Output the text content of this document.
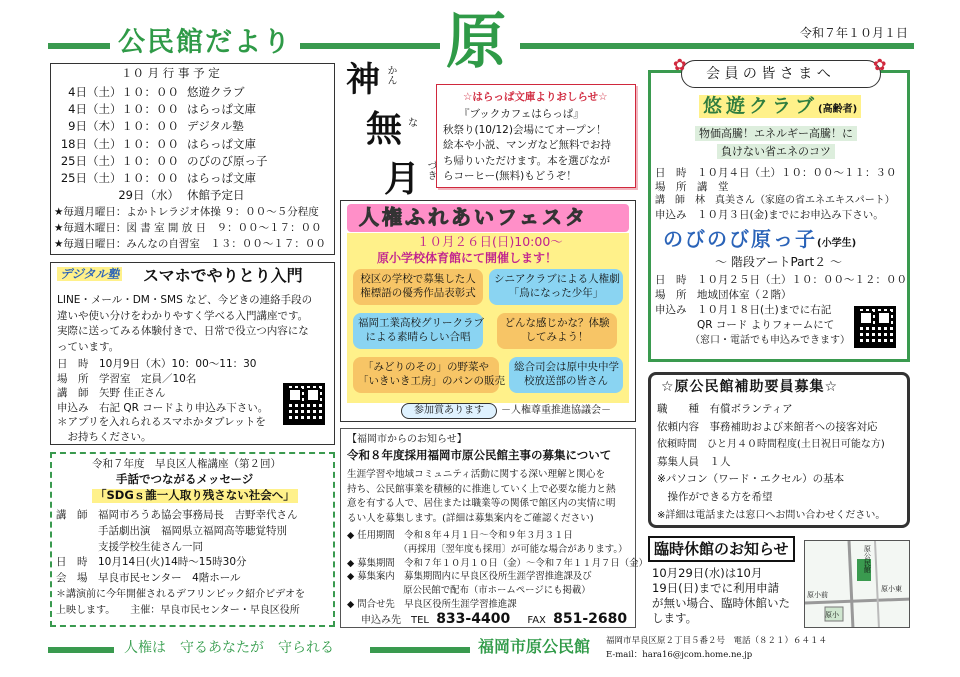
公民館だより	原	令和７年１０月１日
１０ 月 行 事 予 定
4日（土）１０：００ 悠遊クラブ
4日（土）１０：００ はらっぱ文庫
9日（木）１０：００ デジタル塾
18日（土）１０：００ はらっぱ文庫
25日（土）１０：００ のびのび原っ子
25日（土）１０：００ はらっぱ文庫
29日（水） 休館予定日
★毎週月曜日：よかトレラジオ体操 ９：００～５分程度
★毎週木曜日：図 書 室 開 放 日　９：００～１７：００
★毎週日曜日：みんなの自習室　１３：００～１７：００
神 かん
無 な
月 づき
☆はらっぱ文庫よりおしらせ☆
『ブックカフェはらっぱ』
秋祭り(10/12)会場にてオープン！
絵本や小説、マンガなど無料でお持
ち帰りいただけます。本を選びなが
らコーヒー(無料)もどうぞ！
会 員 の 皆 さ ま へ
✿	✿
悠遊クラブ(高齢者)
物価高騰！エネルギー高騰！に
負けない省エネのコツ
日　時　１０月４日（土）１０：００～１１：３０
場　所　講　堂
講　師　林　真美さん（家庭の省エネエキスパート）
申込み　１０月３日(金)までにお申込み下さい。
のびのび原っ子(小学生)
～ 階段アートPart２ ～
日　時　１０月２５日（土）１０：００～１２：００
場　所　地域団体室（２階）
申込み　１０月１８日(土)までに右記
　　　　QR コード よりフォームにて
　　　　（窓口・電話でも申込みできます）
人権ふれあいフェスタ
１０月２６日(日)10:00～
原小学校体育館にて開催します！
校区の学校で募集した人
権標語の優秀作品表彰式
シニアクラブによる人権劇
「鳥になった少年」
福岡工業高校グリークラブ
による素晴らしい合唱
どんな感じかな？体験
してみよう！
「みどりのその」の野菜や
「いきいき工房」のパンの販売
総合司会は原中央中学
校放送部の皆さん
参加賞あります	－人権尊重推進協議会－
デジタル塾 スマホでやりとり入門
LINE・メール・DM・SMS など、今どきの連絡手段の
違いや使い分けをわかりやすく学べる入門講座です。
実際に送ってみる体験付きで、日常で役立つ内容にな
っています。
日　時　10月9日（木）10：00～11：30
場　所　学習室　定員／10名
講　師　矢野 佳正さん
申込み　右記 QR コードより申込み下さい。
＊アプリを入れられるスマホかタブレットを
　お持ちください。
令和７年度　早良区人権講座（第２回）
手話でつながるメッセージ
「SDGｓ誰一人取り残さない社会へ」
講　師　福岡市ろうあ協会事務局長　吉野幸代さん
　　　　手話劇出演　福岡県立福岡高等聴覚特別
　　　　支援学校生徒さん一同
日　時　10月14日(火)14時～15時30分
会　場　早良市民センター　4階ホール
＊講演前に今年開催されるデフリンピック紹介ビデオを
上映します。　　主催：早良市民センター・早良区役所
【福岡市からのお知らせ】
令和８年度採用福岡市原公民館主事の募集について
生涯学習や地域コミュニティ活動に関する深い理解と関心を
持ち、公民館事業を積極的に推進していく上で必要な能力と熱
意を有する人で、居住または職業等の関係で館区内の実情に明
るい人を募集します。(詳細は募集案内をご確認ください)
◆ 任用期間　令和８年４月１日～令和９年３月３１日
　　　　　　（再採用〔翌年度も採用〕が可能な場合があります。）
◆ 募集期間　令和７年１０月１０日（金）～令和７年１１月７日（金）
◆ 募集案内　募集期間内に早良区役所生涯学習推進課及び
　　　　　　原公民館で配布（市ホームページにも掲載）
◆ 問合せ先　早良区役所生涯学習推進課
申込み先　TEL 833-4400 FAX 851-2680
☆原公民館補助要員募集☆
職　　種　有償ボランティア
依頼内容　事務補助および来館者への接客対応
依頼時間　ひと月４０時間程度(土日祝日可能な方)
募集人員　１人
※パソコン（ワード・エクセル）の基本
　操作ができる方を希望
※詳細は電話または窓口へお問い合わせください。
臨時休館のお知らせ
10月29日(水)は10月
19日(日)までに利用申請
が無い場合、臨時休館いた
します。
原公民館
原小
原小東
原小前
人権は　守るあなたが　守られる	福岡市原公民館 福岡市早良区原２丁目５番２号　電話（８２１）６４１４
E-mail：hara16@jcom.home.ne.jp
